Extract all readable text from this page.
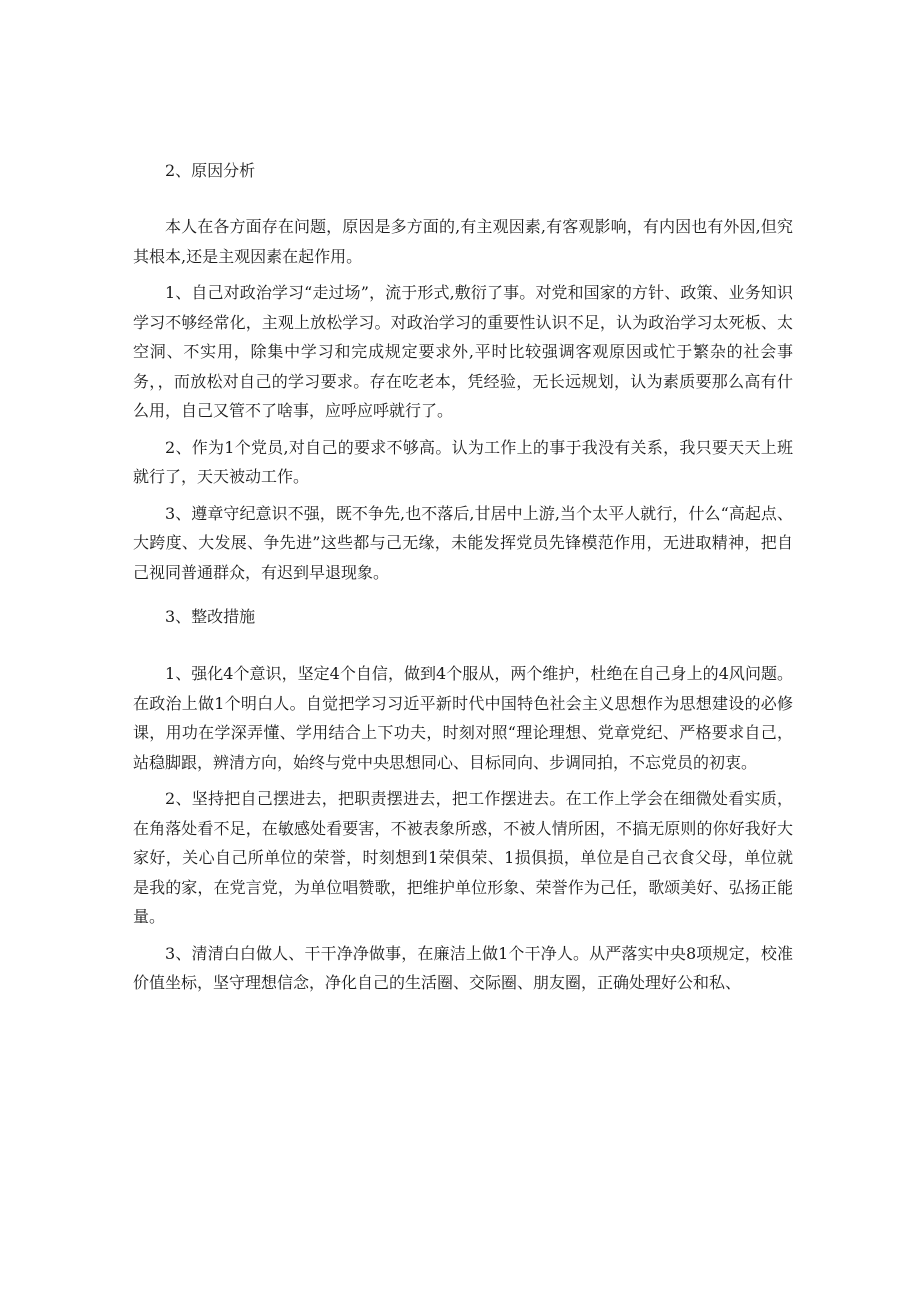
2、原因分析

本人在各方面存在问题，原因是多方面的,有主观因素,有客观影响，有内因也有外因,但究其根本,还是主观因素在起作用。

1、自己对政治学习“走过场”，流于形式,敷衍了事。对党和国家的方针、政策、业务知识学习不够经常化，主观上放松学习。对政治学习的重要性认识不足，认为政治学习太死板、太空洞、不实用，除集中学习和完成规定要求外,平时比较强调客观原因或忙于繁杂的社会事务，，而放松对自己的学习要求。存在吃老本，凭经验，无长远规划，认为素质要那么高有什么用，自己又管不了啥事，应呼应呼就行了。

2、作为1个党员,对自己的要求不够高。认为工作上的事于我没有关系，我只要天天上班就行了，天天被动工作。

3、遵章守纪意识不强，既不争先,也不落后,甘居中上游,当个太平人就行，什么“高起点、大跨度、大发展、争先进”这些都与己无缘，未能发挥党员先锋模范作用，无进取精神，把自己视同普通群众，有迟到早退现象。

3、整改措施

1、强化4个意识，坚定4个自信，做到4个服从，两个维护，杜绝在自己身上的4风问题。在政治上做1个明白人。自觉把学习习近平新时代中国特色社会主义思想作为思想建设的必修课，用功在学深弄懂、学用结合上下功夫，时刻对照“理论理想、党章党纪、严格要求自己，站稳脚跟，辨清方向，始终与党中央思想同心、目标同向、步调同拍，不忘党员的初衷。

2、坚持把自己摆进去，把职责摆进去，把工作摆进去。在工作上学会在细微处看实质，在角落处看不足，在敏感处看要害，不被表象所惑，不被人情所困，不搞无原则的你好我好大家好，关心自己所单位的荣誉，时刻想到1荣俱荣、1损俱损，单位是自己衣食父母，单位就是我的家，在党言党，为单位唱赞歌，把维护单位形象、荣誉作为己任，歌颂美好、弘扬正能量。

3、清清白白做人、干干净净做事，在廉洁上做1个干净人。从严落实中央8项规定，校准价值坐标，坚守理想信念，净化自己的生活圈、交际圈、朋友圈，正确处理好公和私、
